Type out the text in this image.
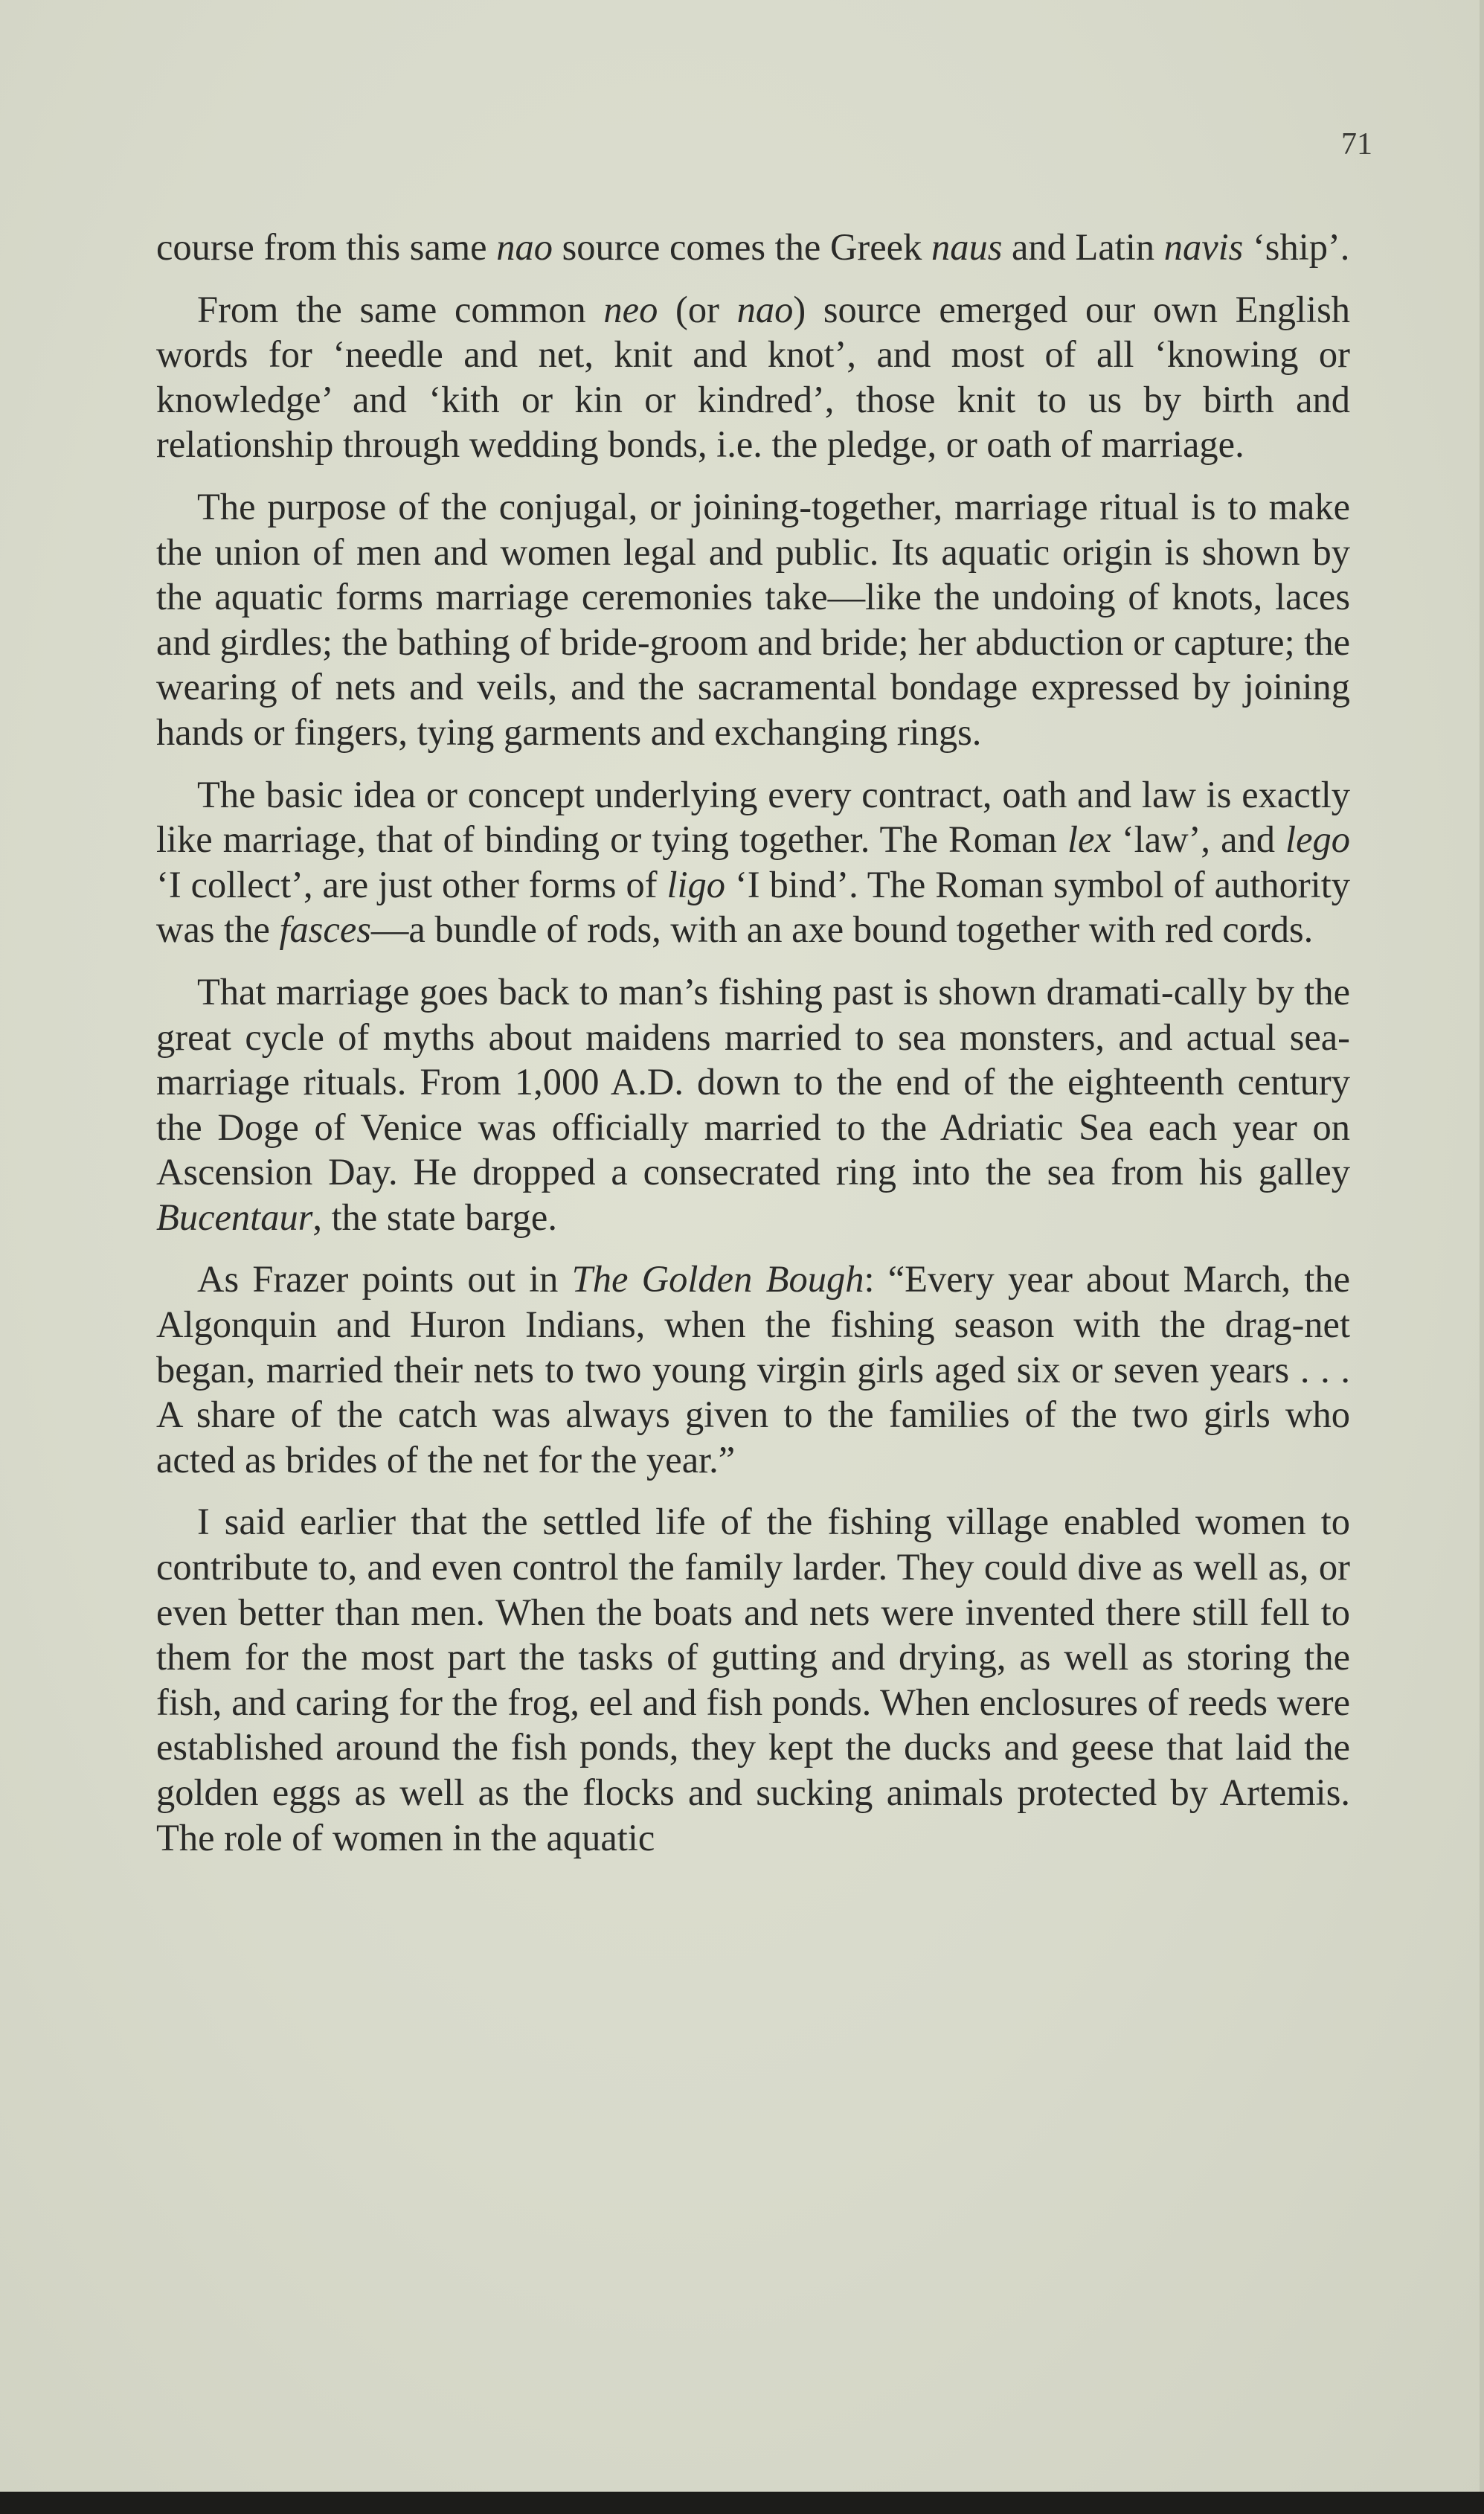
71

course from this same nao source comes the Greek naus and Latin navis ‘ship’.

From the same common neo (or nao) source emerged our own English words for ‘needle and net, knit and knot’, and most of all ‘knowing or knowledge’ and ‘kith or kin or kindred’, those knit to us by birth and relationship through wedding bonds, i.e. the pledge, or oath of marriage.

The purpose of the conjugal, or joining-together, marriage ritual is to make the union of men and women legal and public. Its aquatic origin is shown by the aquatic forms marriage ceremonies take—like the undoing of knots, laces and girdles; the bathing of bride-groom and bride; her abduction or capture; the wearing of nets and veils, and the sacramental bondage expressed by joining hands or fingers, tying garments and exchanging rings.

The basic idea or concept underlying every contract, oath and law is exactly like marriage, that of binding or tying together. The Roman lex ‘law’, and lego ‘I collect’, are just other forms of ligo ‘I bind’. The Roman symbol of authority was the fasces—a bundle of rods, with an axe bound together with red cords.

That marriage goes back to man’s fishing past is shown dramati-cally by the great cycle of myths about maidens married to sea monsters, and actual sea-marriage rituals. From 1,000 A.D. down to the end of the eighteenth century the Doge of Venice was officially married to the Adriatic Sea each year on Ascension Day. He dropped a consecrated ring into the sea from his galley Bucentaur, the state barge.

As Frazer points out in The Golden Bough: “Every year about March, the Algonquin and Huron Indians, when the fishing season with the drag-net began, married their nets to two young virgin girls aged six or seven years . . . A share of the catch was always given to the families of the two girls who acted as brides of the net for the year.”

I said earlier that the settled life of the fishing village enabled women to contribute to, and even control the family larder. They could dive as well as, or even better than men. When the boats and nets were invented there still fell to them for the most part the tasks of gutting and drying, as well as storing the fish, and caring for the frog, eel and fish ponds. When enclosures of reeds were established around the fish ponds, they kept the ducks and geese that laid the golden eggs as well as the flocks and sucking animals protected by Artemis. The role of women in the aquatic
